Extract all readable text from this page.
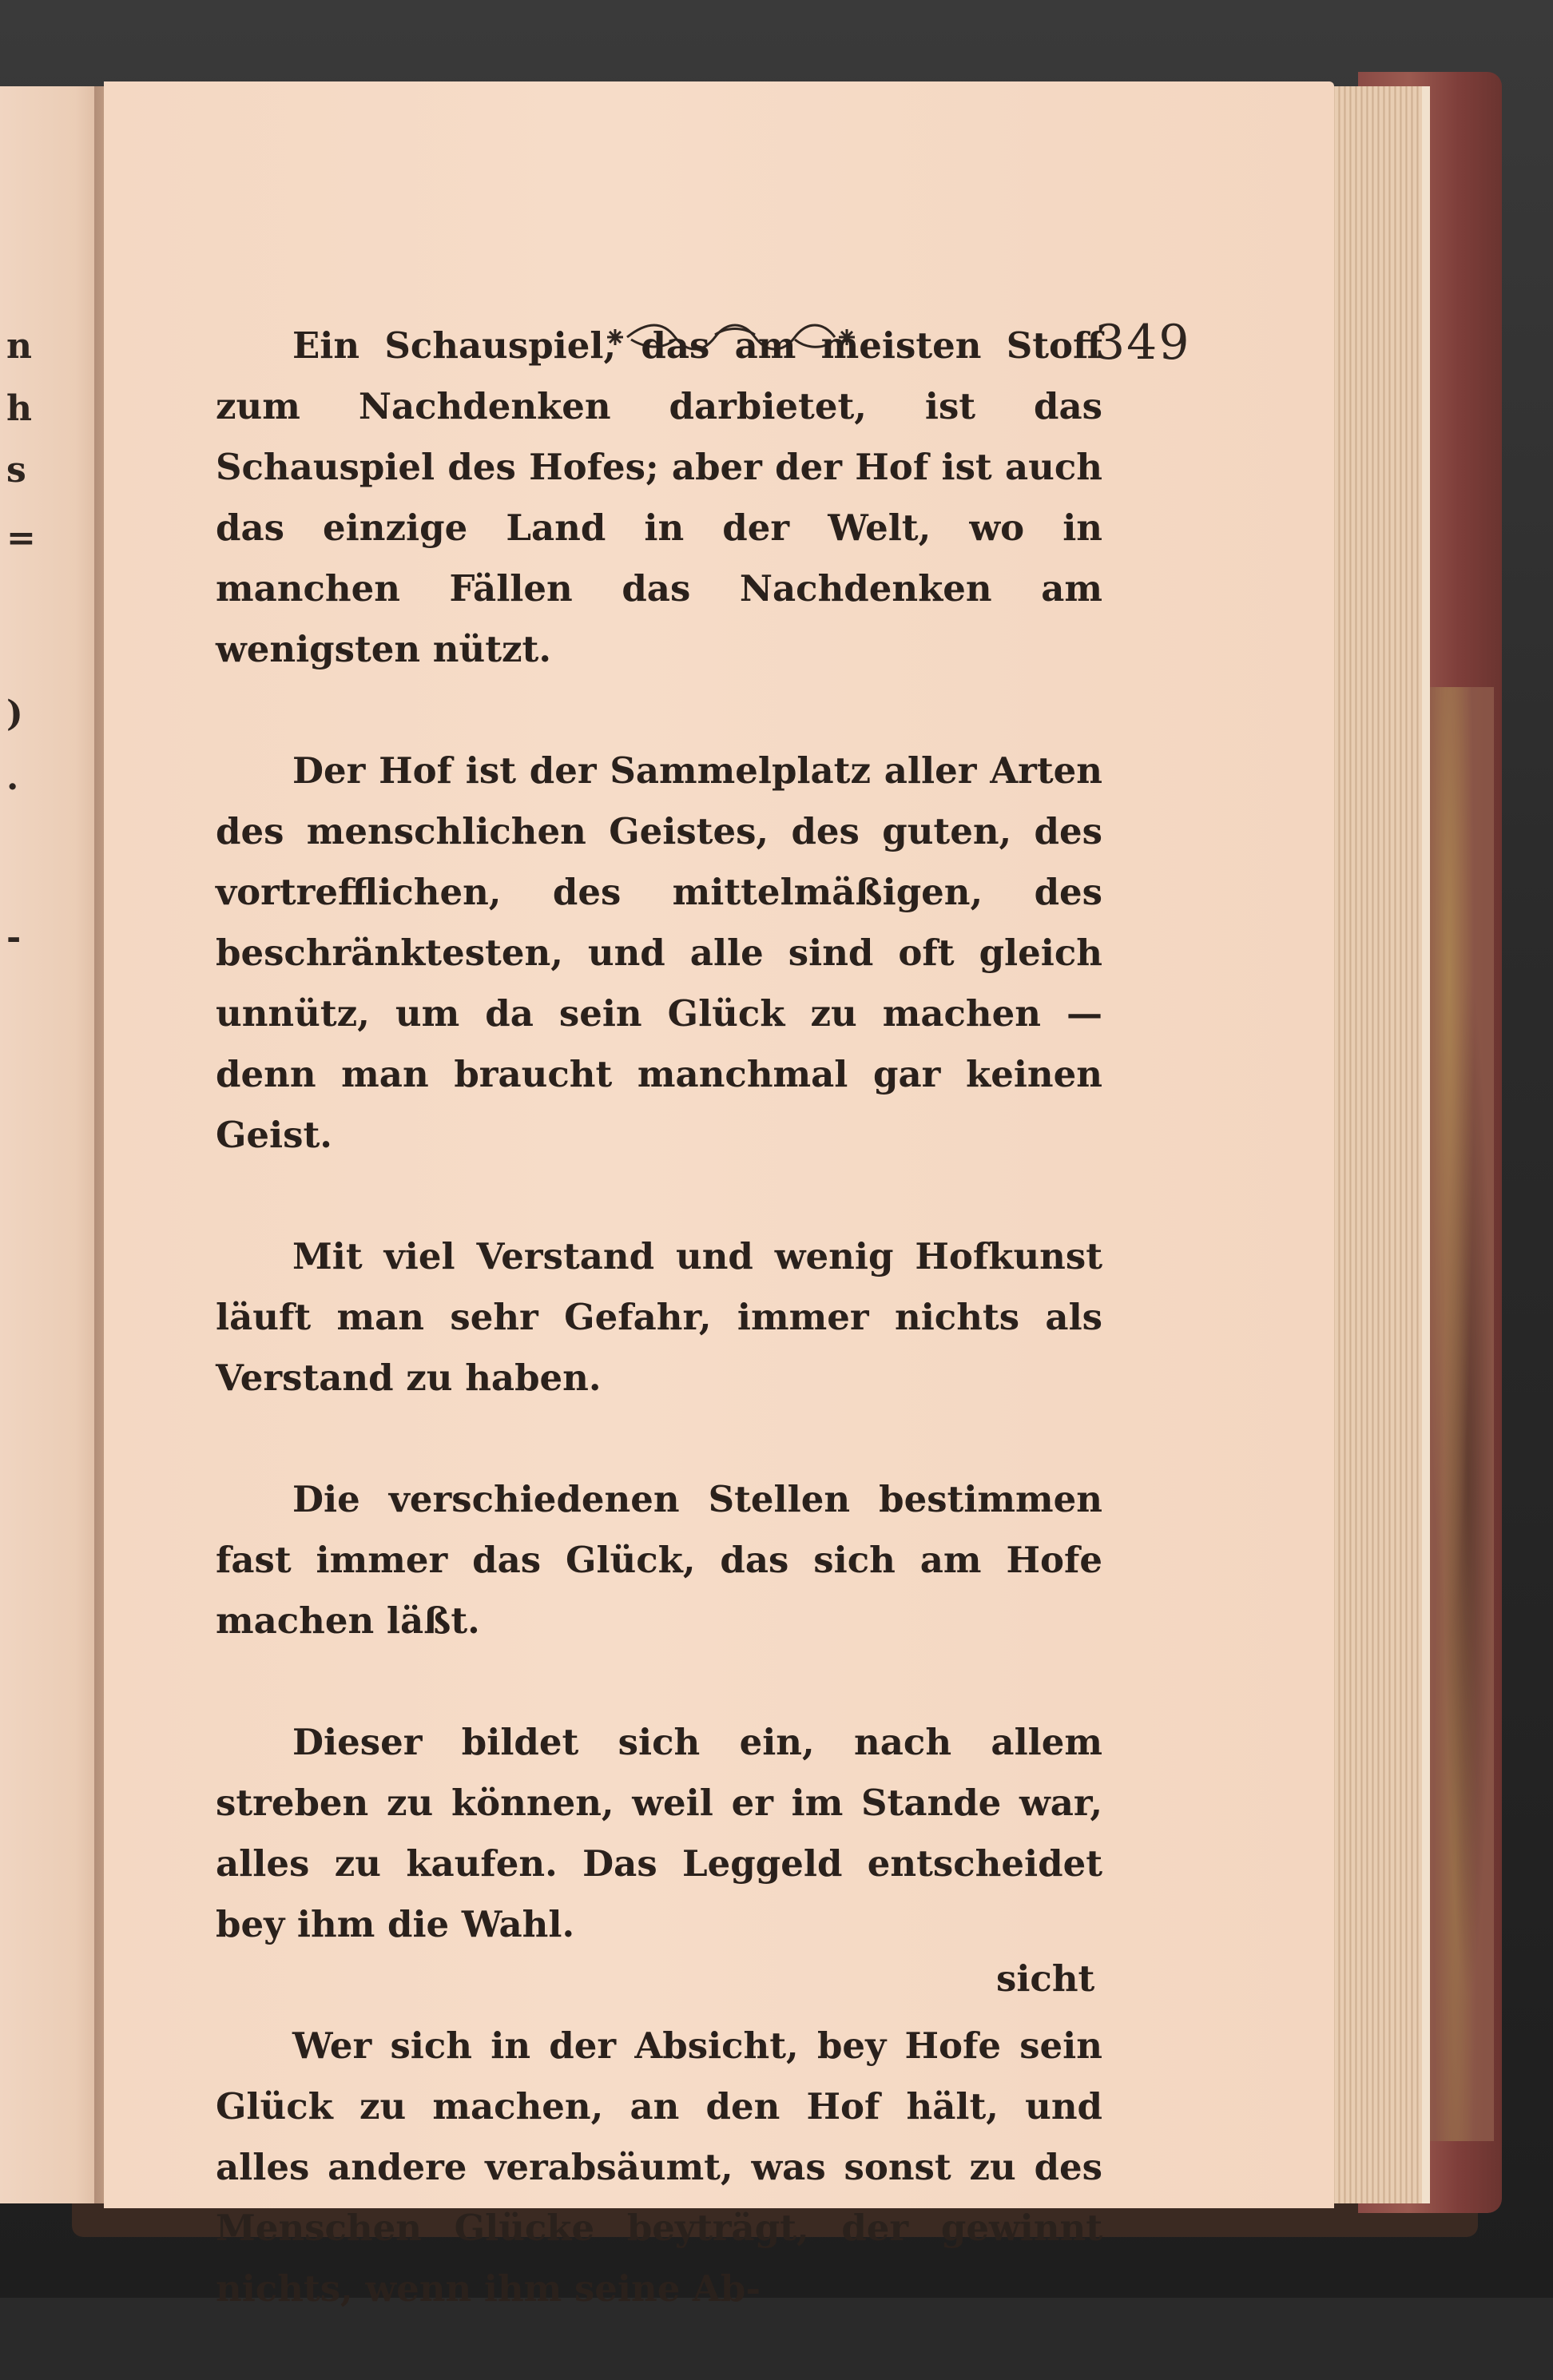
n
h
s
=
)
.
-
349

Ein Schauspiel, das am meisten Stoff zum Nachdenken darbietet, ist das Schauspiel des Hofes; aber der Hof ist auch das einzige Land in der Welt, wo in manchen Fällen das Nachdenken am wenigsten nützt.

Der Hof ist der Sammelplatz aller Arten des menschlichen Geistes, des guten, des vortrefflichen, des mittelmäßigen, des beschränktesten, und alle sind oft gleich unnütz, um da sein Glück zu machen — denn man braucht manchmal gar keinen Geist.

Mit viel Verstand und wenig Hofkunst läuft man sehr Gefahr, immer nichts als Verstand zu haben.

Die verschiedenen Stellen bestimmen fast immer das Glück, das sich am Hofe machen läßt.

Dieser bildet sich ein, nach allem streben zu können, weil er im Stande war, alles zu kaufen. Das Leggeld entscheidet bey ihm die Wahl.

Wer sich in der Absicht, bey Hofe sein Glück zu machen, an den Hof hält, und alles andere verabsäumt, was sonst zu des Menschen Glücke beyträgt, der gewinnt nichts, wenn ihm seine Ab-

sicht
